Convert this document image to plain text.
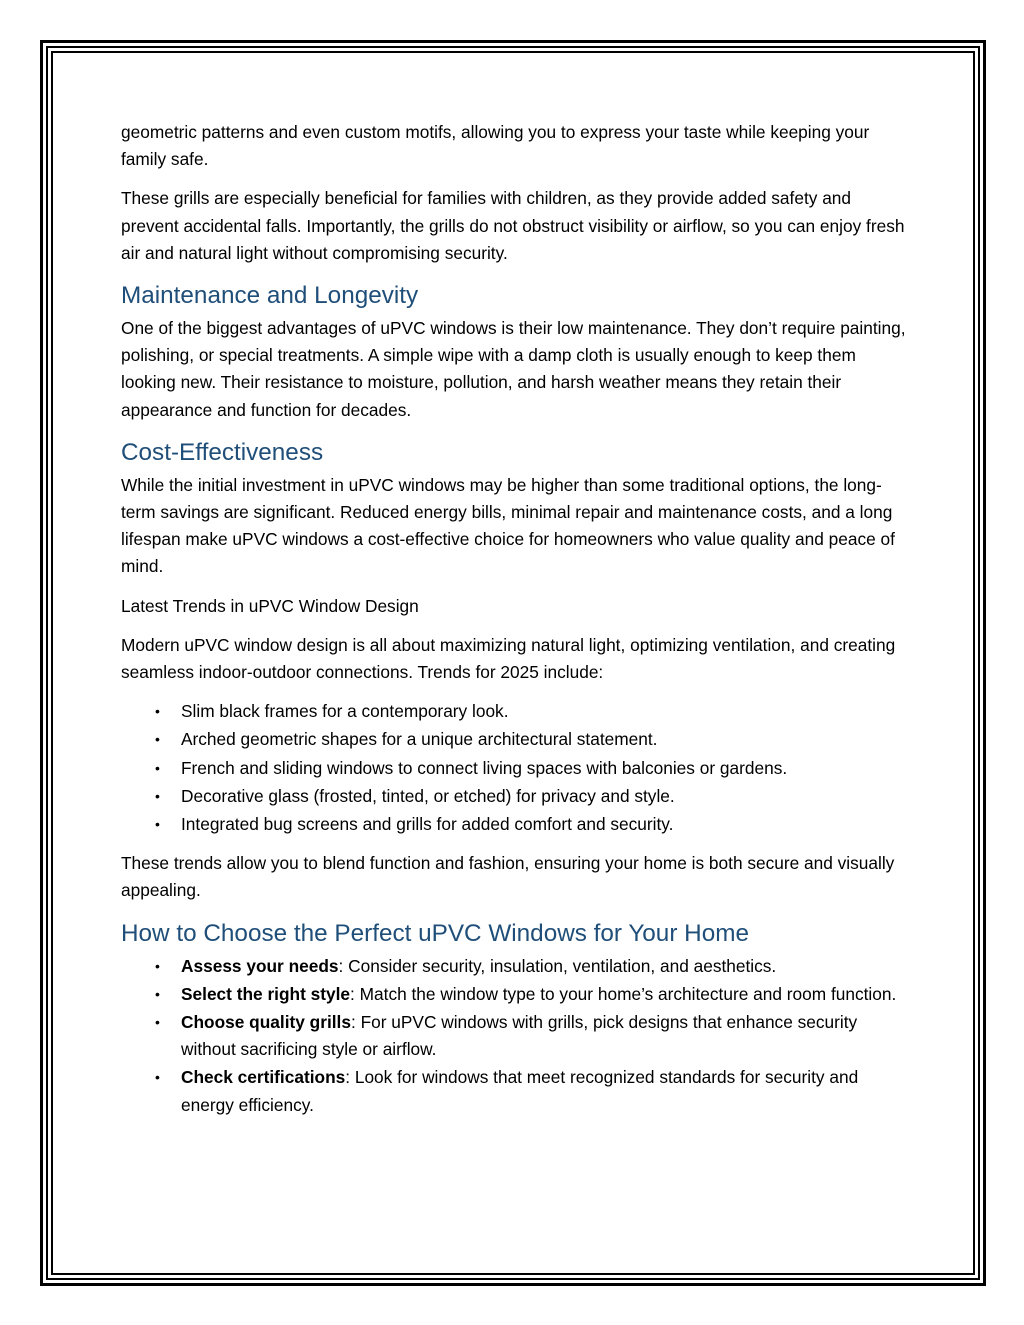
geometric patterns and even custom motifs, allowing you to express your taste while keeping your family safe.

These grills are especially beneficial for families with children, as they provide added safety and prevent accidental falls. Importantly, the grills do not obstruct visibility or airflow, so you can enjoy fresh air and natural light without compromising security.

Maintenance and Longevity

One of the biggest advantages of uPVC windows is their low maintenance. They don’t require painting, polishing, or special treatments. A simple wipe with a damp cloth is usually enough to keep them looking new. Their resistance to moisture, pollution, and harsh weather means they retain their appearance and function for decades.

Cost-Effectiveness

While the initial investment in uPVC windows may be higher than some traditional options, the long-term savings are significant. Reduced energy bills, minimal repair and maintenance costs, and a long lifespan make uPVC windows a cost-effective choice for homeowners who value quality and peace of mind.

Latest Trends in uPVC Window Design

Modern uPVC window design is all about maximizing natural light, optimizing ventilation, and creating seamless indoor-outdoor connections. Trends for 2025 include:

•	Slim black frames for a contemporary look.
•	Arched geometric shapes for a unique architectural statement.
•	French and sliding windows to connect living spaces with balconies or gardens.
•	Decorative glass (frosted, tinted, or etched) for privacy and style.
•	Integrated bug screens and grills for added comfort and security.

These trends allow you to blend function and fashion, ensuring your home is both secure and visually appealing.

How to Choose the Perfect uPVC Windows for Your Home
•	Assess your needs: Consider security, insulation, ventilation, and aesthetics.
•	Select the right style: Match the window type to your home’s architecture and room function.
•	Choose quality grills: For uPVC windows with grills, pick designs that enhance security without sacrificing style or airflow.
•	Check certifications: Look for windows that meet recognized standards for security and energy efficiency.
